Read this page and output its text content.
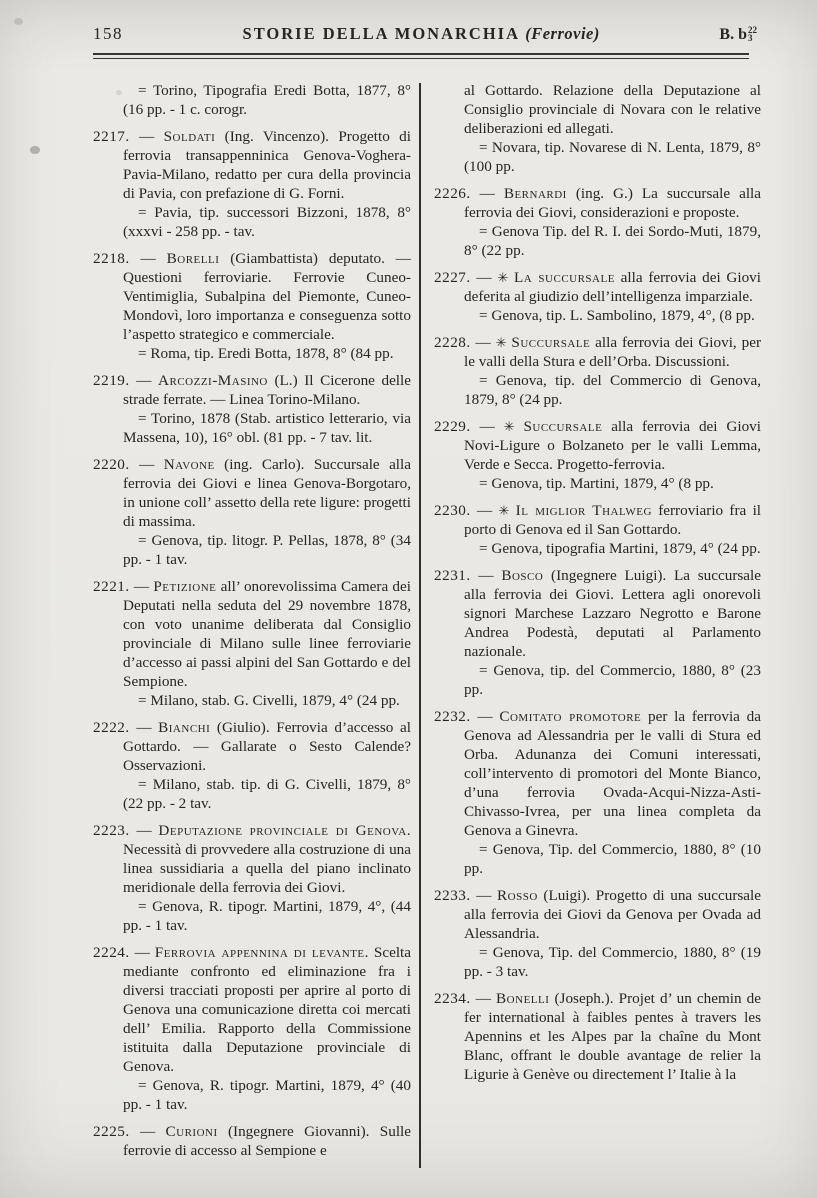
158	STORIE DELLA MONARCHIA (Ferrovie)	B. b 22
3
= Torino, Tipografia Eredi Botta, 1877, 8° (16 pp. - 1 c. corogr.
2217. — Soldati (Ing. Vincenzo). Progetto di ferrovia transappenninica Genova-Voghera-Pavia-Milano, redatto per cura della provincia di Pavia, con prefazione di G. Forni.
= Pavia, tip. successori Bizzoni, 1878, 8° (xxxvi - 258 pp. - tav.
2218. — Borelli (Giambattista) deputato. — Questioni ferroviarie. Ferrovie Cuneo-Ventimiglia, Subalpina del Piemonte, Cuneo-Mondovì, loro importanza e conseguenza sotto l’aspetto strategico e commerciale.
= Roma, tip. Eredi Botta, 1878, 8° (84 pp.
2219. — Arcozzi-Masino (L.) Il Cicerone delle strade ferrate. — Linea Torino-Milano.
= Torino, 1878 (Stab. artistico letterario, via Massena, 10), 16° obl. (81 pp. - 7 tav. lit.
2220. — Navone (ing. Carlo). Succursale alla ferrovia dei Giovi e linea Genova-Borgotaro, in unione coll’ assetto della rete ligure: progetti di massima.
= Genova, tip. litogr. P. Pellas, 1878, 8° (34 pp. - 1 tav.
2221. — Petizione all’ onorevolissima Camera dei Deputati nella seduta del 29 novembre 1878, con voto unanime deliberata dal Consiglio provinciale di Milano sulle linee ferroviarie d’accesso ai passi alpini del San Gottardo e del Sempione.
= Milano, stab. G. Civelli, 1879, 4° (24 pp.
2222. — Bianchi (Giulio). Ferrovia d’accesso al Gottardo. — Gallarate o Sesto Calende? Osservazioni.
= Milano, stab. tip. di G. Civelli, 1879, 8° (22 pp. - 2 tav.
2223. — Deputazione provinciale di Genova. Necessità di provvedere alla costruzione di una linea sussidiaria a quella del piano inclinato meridionale della ferrovia dei Giovi.
= Genova, R. tipogr. Martini, 1879, 4°, (44 pp. - 1 tav.
2224. — Ferrovia appennina di levante. Scelta mediante confronto ed eliminazione fra i diversi tracciati proposti per aprire al porto di Genova una comunicazione diretta coi mercati dell’ Emilia. Rapporto della Commissione istituita dalla Deputazione provinciale di Genova.
= Genova, R. tipogr. Martini, 1879, 4° (40 pp. - 1 tav.
2225. — Curioni (Ingegnere Giovanni). Sulle ferrovie di accesso al Sempione e
al Gottardo. Relazione della Deputazione al Consiglio provinciale di Novara con le relative deliberazioni ed allegati.
= Novara, tip. Novarese di N. Lenta, 1879, 8° (100 pp.
2226. — Bernardi (ing. G.) La succursale alla ferrovia dei Giovi, considerazioni e proposte.
= Genova Tip. del R. I. dei Sordo-Muti, 1879, 8° (22 pp.
2227. — ✳ La succursale alla ferrovia dei Giovi deferita al giudizio dell’intelligenza imparziale.
= Genova, tip. L. Sambolino, 1879, 4°, (8 pp.
2228. — ✳ Succursale alla ferrovia dei Giovi, per le valli della Stura e dell’Orba. Discussioni.
= Genova, tip. del Commercio di Genova, 1879, 8° (24 pp.
2229. — ✳ Succursale alla ferrovia dei Giovi Novi-Ligure o Bolzaneto per le valli Lemma, Verde e Secca. Progetto-ferrovia.
= Genova, tip. Martini, 1879, 4° (8 pp.
2230. — ✳ Il miglior Thalweg ferroviario fra il porto di Genova ed il San Gottardo.
= Genova, tipografia Martini, 1879, 4° (24 pp.
2231. — Bosco (Ingegnere Luigi). La succursale alla ferrovia dei Giovi. Lettera agli onorevoli signori Marchese Lazzaro Negrotto e Barone Andrea Podestà, deputati al Parlamento nazionale.
= Genova, tip. del Commercio, 1880, 8° (23 pp.
2232. — Comitato promotore per la ferrovia da Genova ad Alessandria per le valli di Stura ed Orba. Adunanza dei Comuni interessati, coll’intervento di promotori del Monte Bianco, d’una ferrovia Ovada-Acqui-Nizza-Asti-Chivasso-Ivrea, per una linea completa da Genova a Ginevra.
= Genova, Tip. del Commercio, 1880, 8° (10 pp.
2233. — Rosso (Luigi). Progetto di una succursale alla ferrovia dei Giovi da Genova per Ovada ad Alessandria.
= Genova, Tip. del Commercio, 1880, 8° (19 pp. - 3 tav.
2234. — Bonelli (Joseph.). Projet d’ un chemin de fer international à faibles pentes à travers les Apennins et les Alpes par la chaîne du Mont Blanc, offrant le double avantage de relier la Ligurie à Genève ou directement l’ Italie à la
